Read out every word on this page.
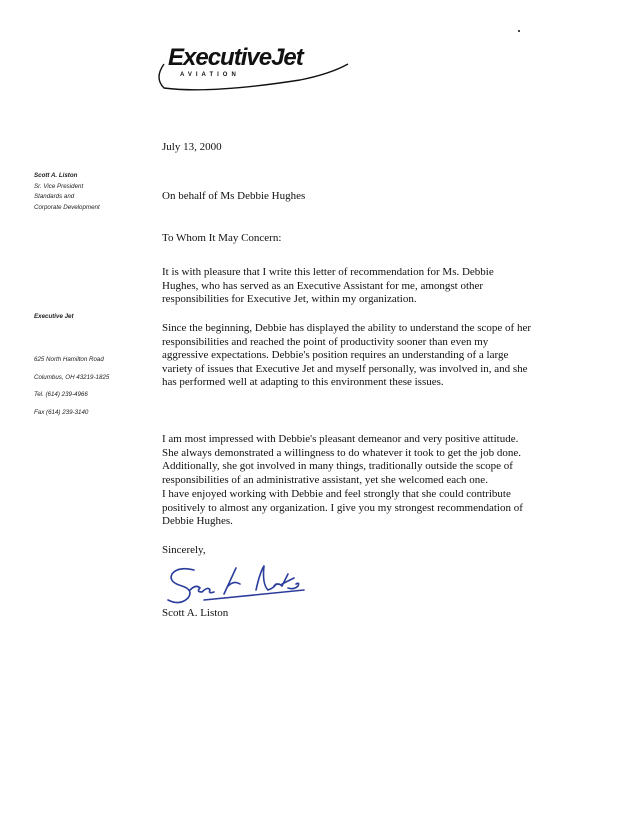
ExecutiveJet
AVIATION
Scott A. Liston
Sr. Vice President
Standards and
Corporate Development
Executive Jet
625 North Hamilton Road
Columbus, OH 43219-1825
Tel. (614) 239-4966
Fax (614) 239-3140
July 13, 2000
On behalf of Ms Debbie Hughes
To Whom It May Concern:

It is with pleasure that I write this letter of recommendation for Ms. Debbie
Hughes, who has served as an Executive Assistant for me, amongst other
responsibilities for Executive Jet, within my organization.

Since the beginning, Debbie has displayed the ability to understand the scope of her
responsibilities and reached the point of productivity sooner than even my
aggressive expectations. Debbie's position requires an understanding of a large
variety of issues that Executive Jet and myself personally, was involved in, and she
has performed well at adapting to this environment these issues.

I am most impressed with Debbie's pleasant demeanor and very positive attitude.
She always demonstrated a willingness to do whatever it took to get the job done.
Additionally, she got involved in many things, traditionally outside the scope of
responsibilities of an administrative assistant, yet she welcomed each one.

I have enjoyed working with Debbie and feel strongly that she could contribute
positively to almost any organization. I give you my strongest recommendation of
Debbie Hughes.

Sincerely,
Scott A. Liston
